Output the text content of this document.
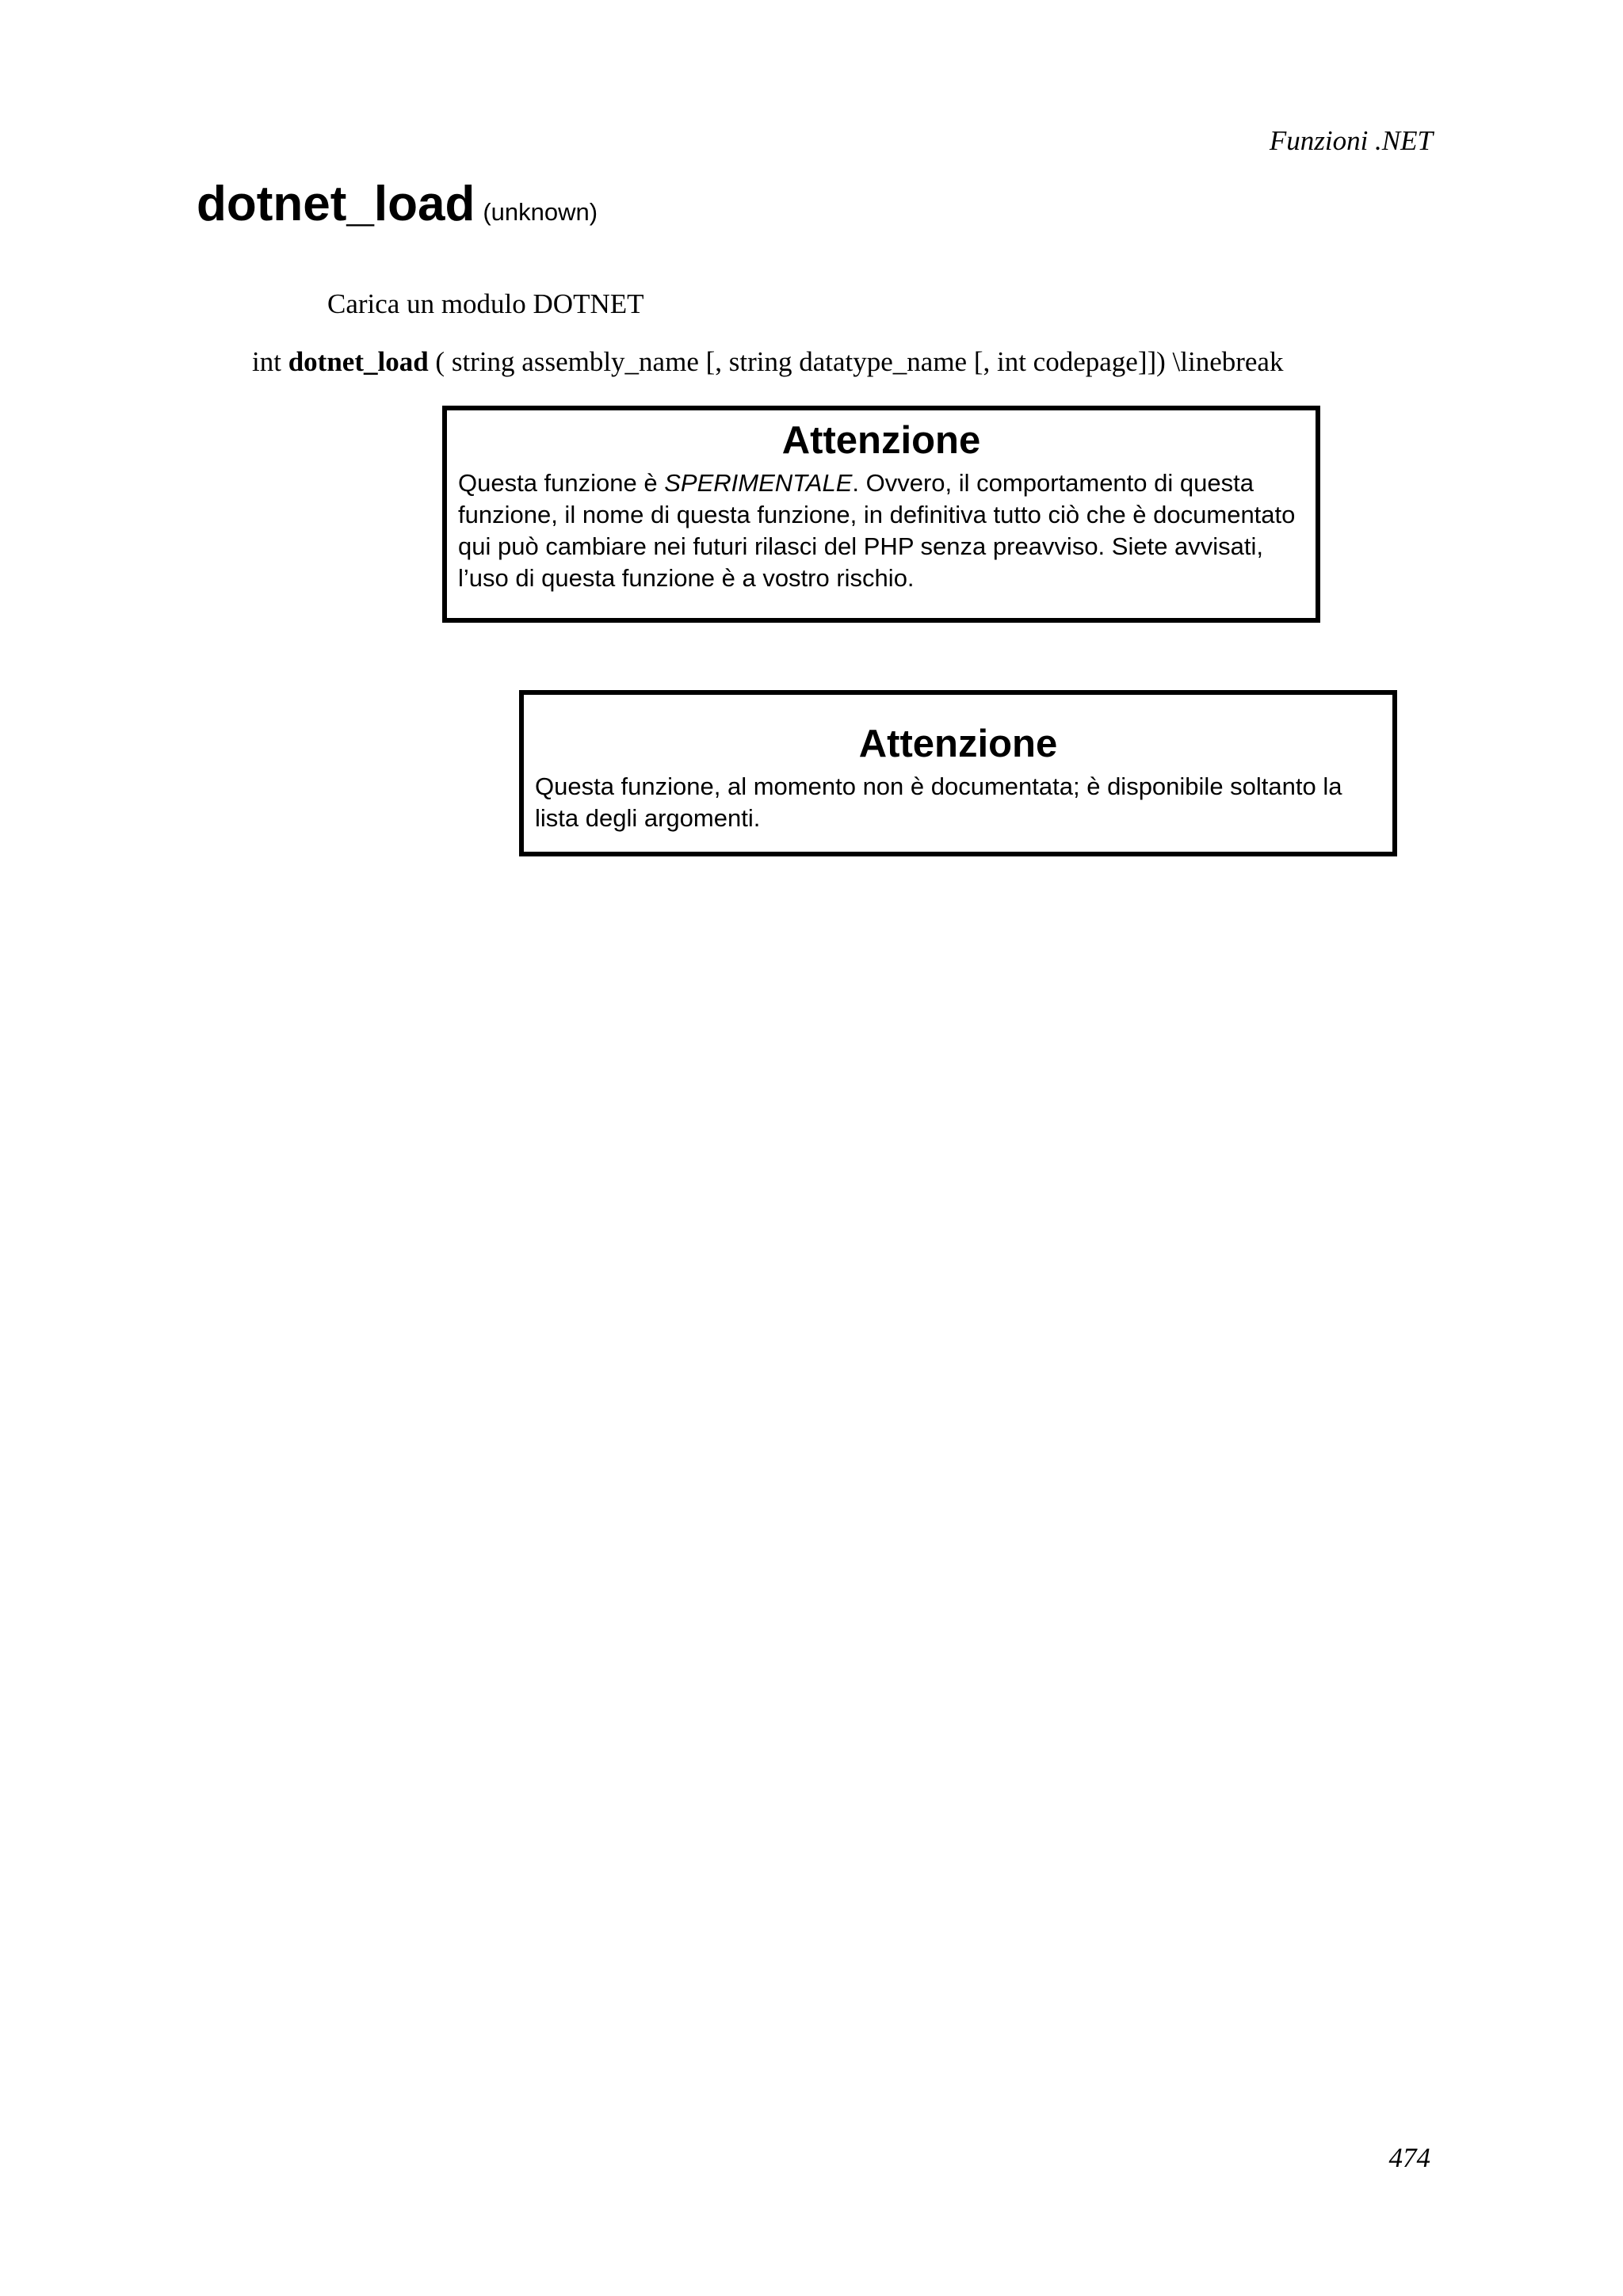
Funzioni .NET
dotnet_load (unknown)
Carica un modulo DOTNET
int dotnet_load ( string assembly_name [, string datatype_name [, int codepage]]) \linebreak
Attenzione

Questa funzione è SPERIMENTALE. Ovvero, il comportamento di questa funzione, il nome di questa funzione, in definitiva tutto ciò che è documentato qui può cambiare nei futuri rilasci del PHP senza preavviso. Siete avvisati, l’uso di questa funzione è a vostro rischio.

Attenzione

Questa funzione, al momento non è documentata; è disponibile soltanto la lista degli argomenti.

474
